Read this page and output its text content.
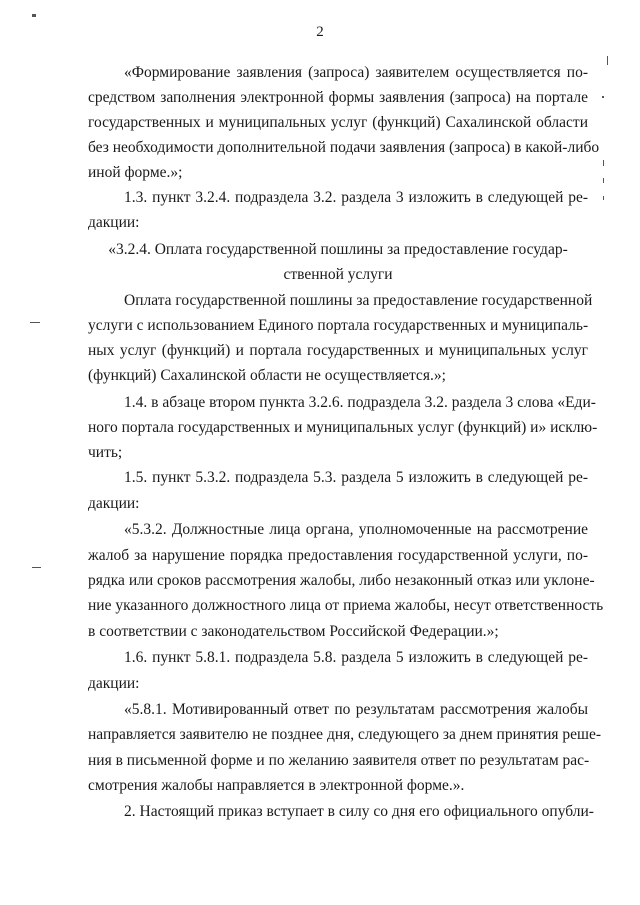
2
«Формирование заявления (запроса) заявителем осуществляется по-
средством заполнения электронной формы заявления (запроса) на портале
государственных и муниципальных услуг (функций) Сахалинской области
без необходимости дополнительной подачи заявления (запроса) в какой-либо
иной форме.»;
1.3. пункт 3.2.4. подраздела 3.2. раздела 3 изложить в следующей ре-
дакции:
«3.2.4. Оплата государственной пошлины за предоставление государ-
ственной услуги
Оплата государственной пошлины за предоставление государственной
услуги с использованием Единого портала государственных и муниципаль-
ных услуг (функций) и портала государственных и муниципальных услуг
(функций) Сахалинской области не осуществляется.»;
1.4. в абзаце втором пункта 3.2.6. подраздела 3.2. раздела 3 слова «Еди-
ного портала государственных и муниципальных услуг (функций) и» исклю-
чить;
1.5. пункт 5.3.2. подраздела 5.3. раздела 5 изложить в следующей ре-
дакции:
«5.3.2. Должностные лица органа, уполномоченные на рассмотрение
жалоб за нарушение порядка предоставления государственной услуги, по-
рядка или сроков рассмотрения жалобы, либо незаконный отказ или уклоне-
ние указанного должностного лица от приема жалобы, несут ответственность
в соответствии с законодательством Российской Федерации.»;
1.6. пункт 5.8.1. подраздела 5.8. раздела 5 изложить в следующей ре-
дакции:
«5.8.1. Мотивированный ответ по результатам рассмотрения жалобы
направляется заявителю не позднее дня, следующего за днем принятия реше-
ния в письменной форме и по желанию заявителя ответ по результатам рас-
смотрения жалобы направляется в электронной форме.».
2. Настоящий приказ вступает в силу со дня его официального опубли-
